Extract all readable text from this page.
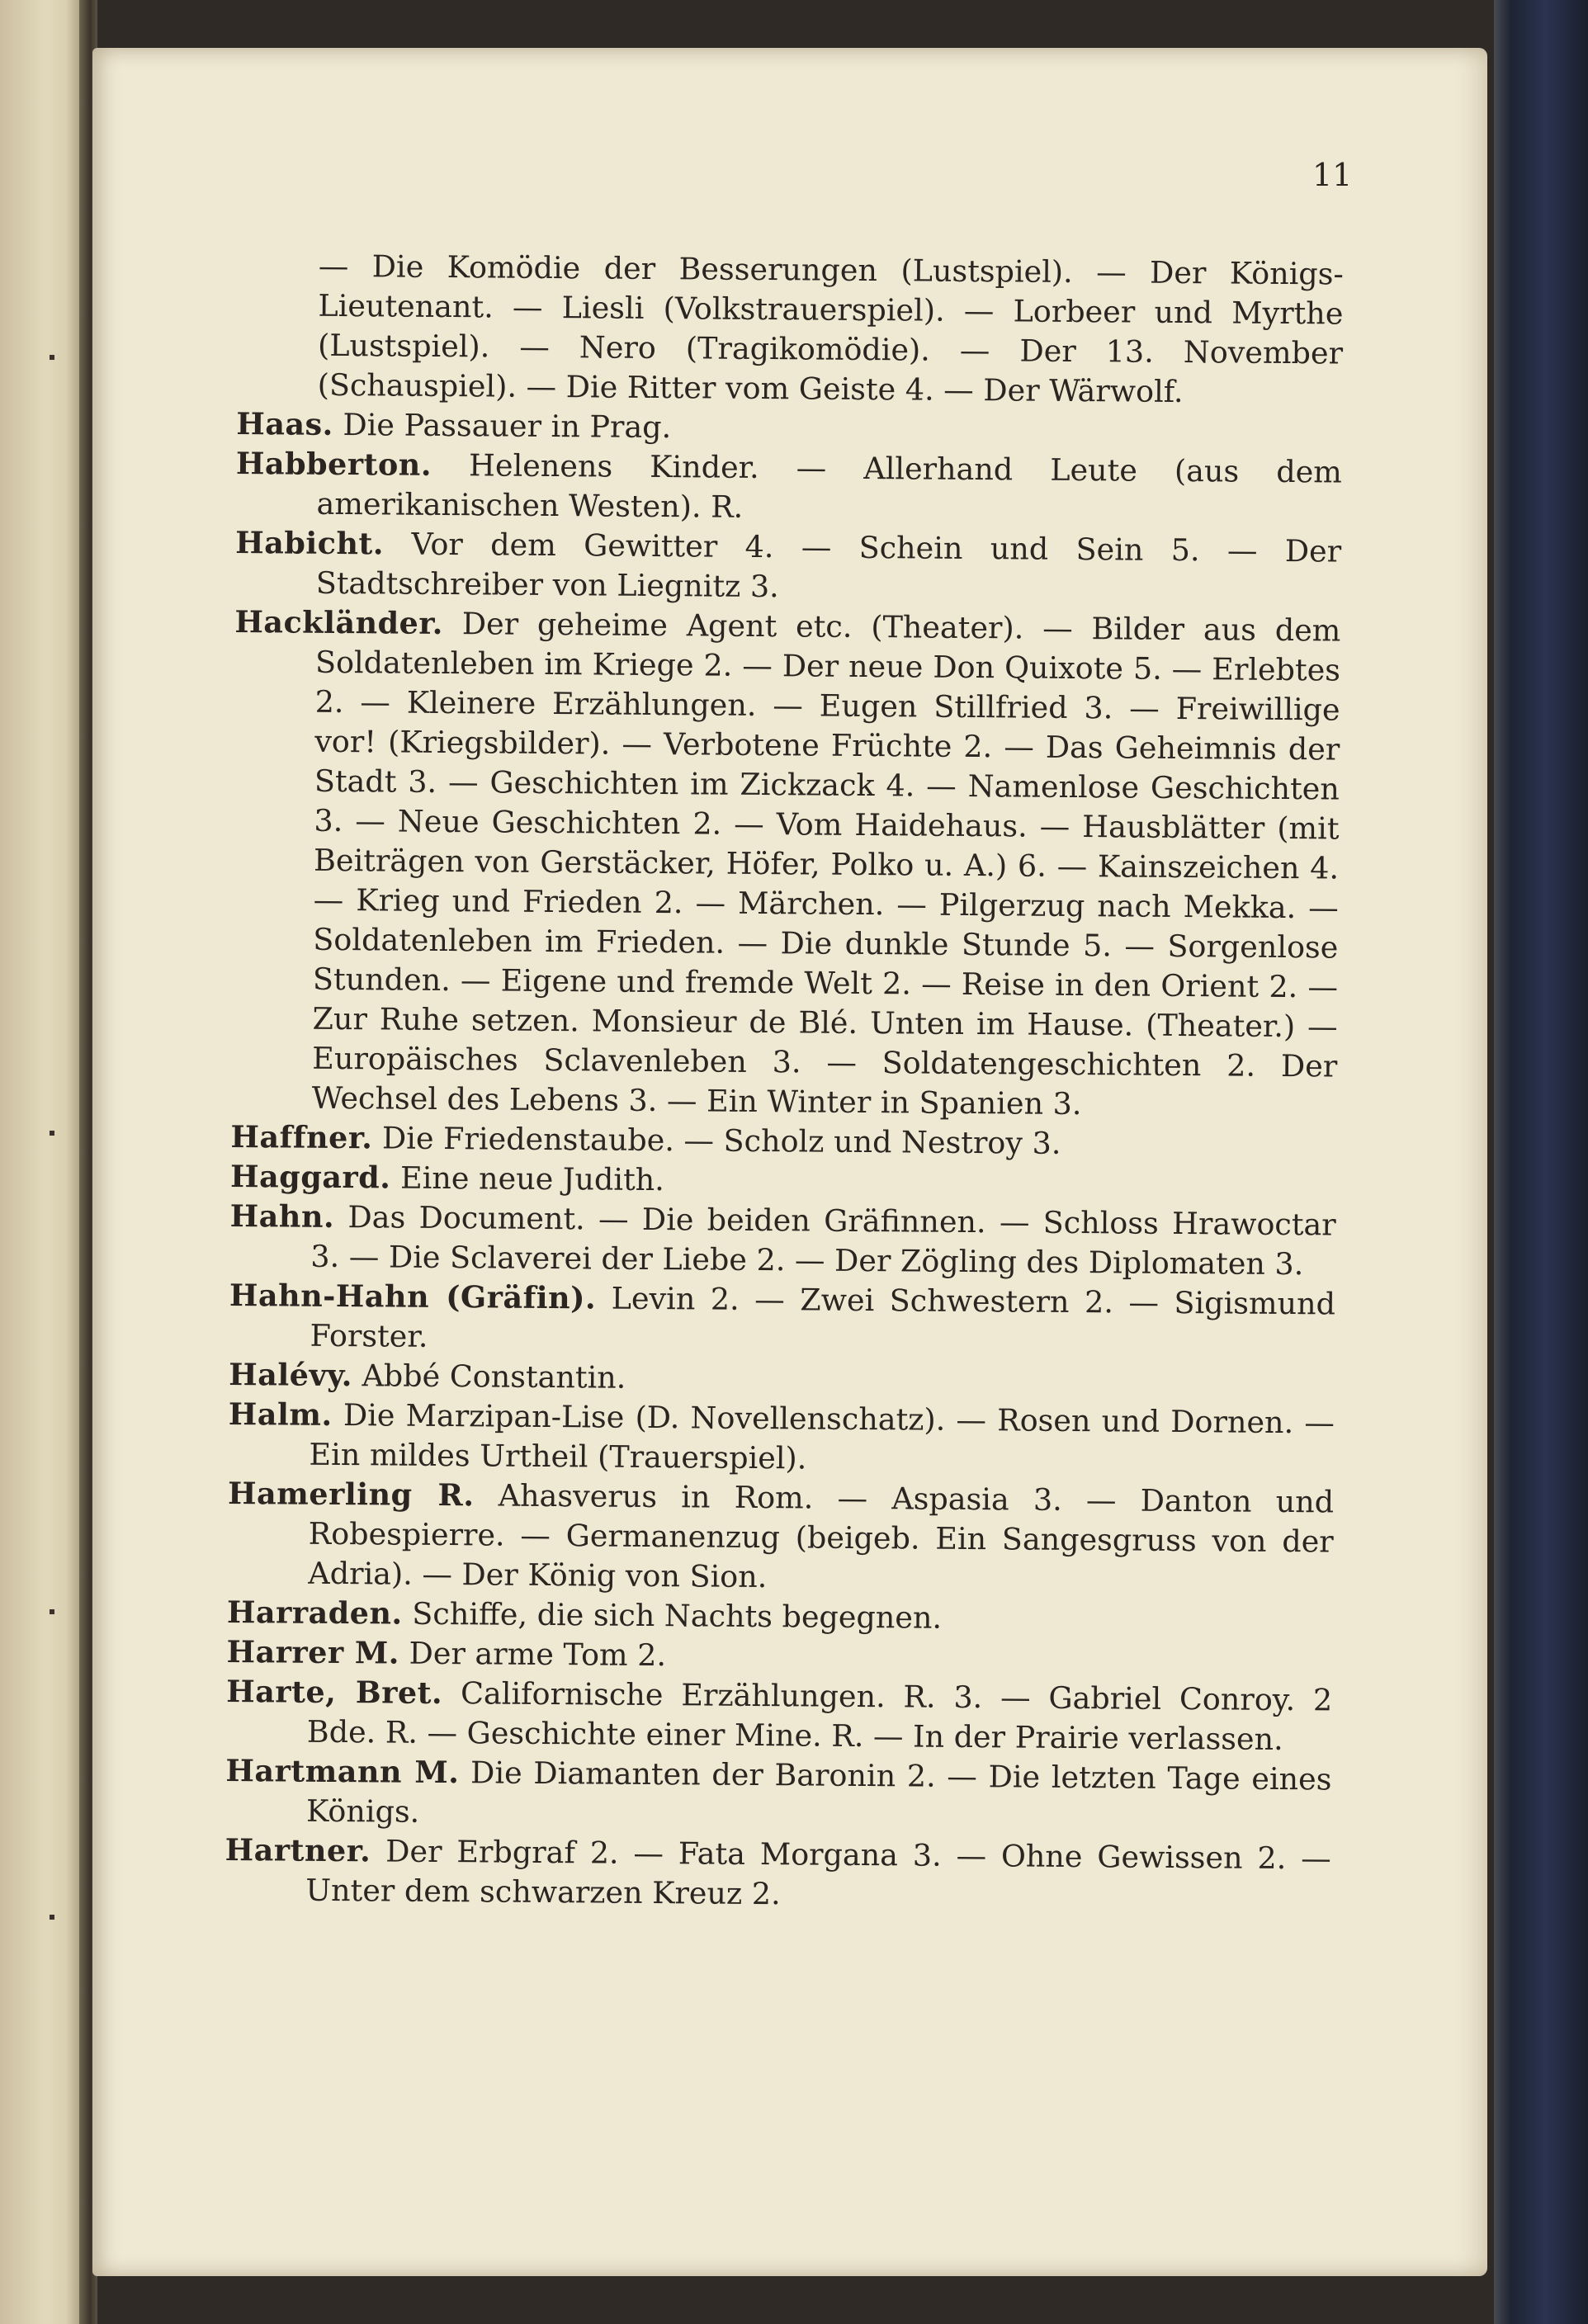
11

— Die Komödie der Besserungen (Lustspiel). — Der Königs-Lieutenant. — Liesli (Volkstrauerspiel). — Lorbeer und Myrthe (Lustspiel). — Nero (Tragikomödie). — Der 13. November (Schauspiel). — Die Ritter vom Geiste 4. — Der Wärwolf.

Haas. Die Passauer in Prag.

Habberton. Helenens Kinder. — Allerhand Leute (aus dem amerikanischen Westen). R.

Habicht. Vor dem Gewitter 4. — Schein und Sein 5. — Der Stadtschreiber von Liegnitz 3.

Hackländer. Der geheime Agent etc. (Theater). — Bilder aus dem Soldatenleben im Kriege 2. — Der neue Don Quixote 5. — Erlebtes 2. — Kleinere Erzählungen. — Eugen Stillfried 3. — Freiwillige vor! (Kriegsbilder). — Verbotene Früchte 2. — Das Geheimnis der Stadt 3. — Geschichten im Zickzack 4. — Namenlose Geschichten 3. — Neue Geschichten 2. — Vom Haidehaus. — Hausblätter (mit Beiträgen von Gerstäcker, Höfer, Polko u. A.) 6. — Kainszeichen 4. — Krieg und Frieden 2. — Märchen. — Pilgerzug nach Mekka. — Soldatenleben im Frieden. — Die dunkle Stunde 5. — Sorgenlose Stunden. — Eigene und fremde Welt 2. — Reise in den Orient 2. — Zur Ruhe setzen. Monsieur de Blé. Unten im Hause. (Theater.) — Europäisches Sclavenleben 3. — Soldatengeschichten 2. Der Wechsel des Lebens 3. — Ein Winter in Spanien 3.

Haffner. Die Friedenstaube. — Scholz und Nestroy 3.

Haggard. Eine neue Judith.

Hahn. Das Document. — Die beiden Gräfinnen. — Schloss Hrawoctar 3. — Die Sclaverei der Liebe 2. — Der Zögling des Diplomaten 3.

Hahn-Hahn (Gräfin). Levin 2. — Zwei Schwestern 2. — Sigismund Forster.

Halévy. Abbé Constantin.

Halm. Die Marzipan-Lise (D. Novellenschatz). — Rosen und Dornen. — Ein mildes Urtheil (Trauerspiel).

Hamerling R. Ahasverus in Rom. — Aspasia 3. — Danton und Robespierre. — Germanenzug (beigeb. Ein Sangesgruss von der Adria). — Der König von Sion.

Harraden. Schiffe, die sich Nachts begegnen.

Harrer M. Der arme Tom 2.

Harte, Bret. Californische Erzählungen. R. 3. — Gabriel Conroy. 2 Bde. R. — Geschichte einer Mine. R. — In der Prairie verlassen.

Hartmann M. Die Diamanten der Baronin 2. — Die letzten Tage eines Königs.

Hartner. Der Erbgraf 2. — Fata Morgana 3. — Ohne Gewissen 2. — Unter dem schwarzen Kreuz 2.
